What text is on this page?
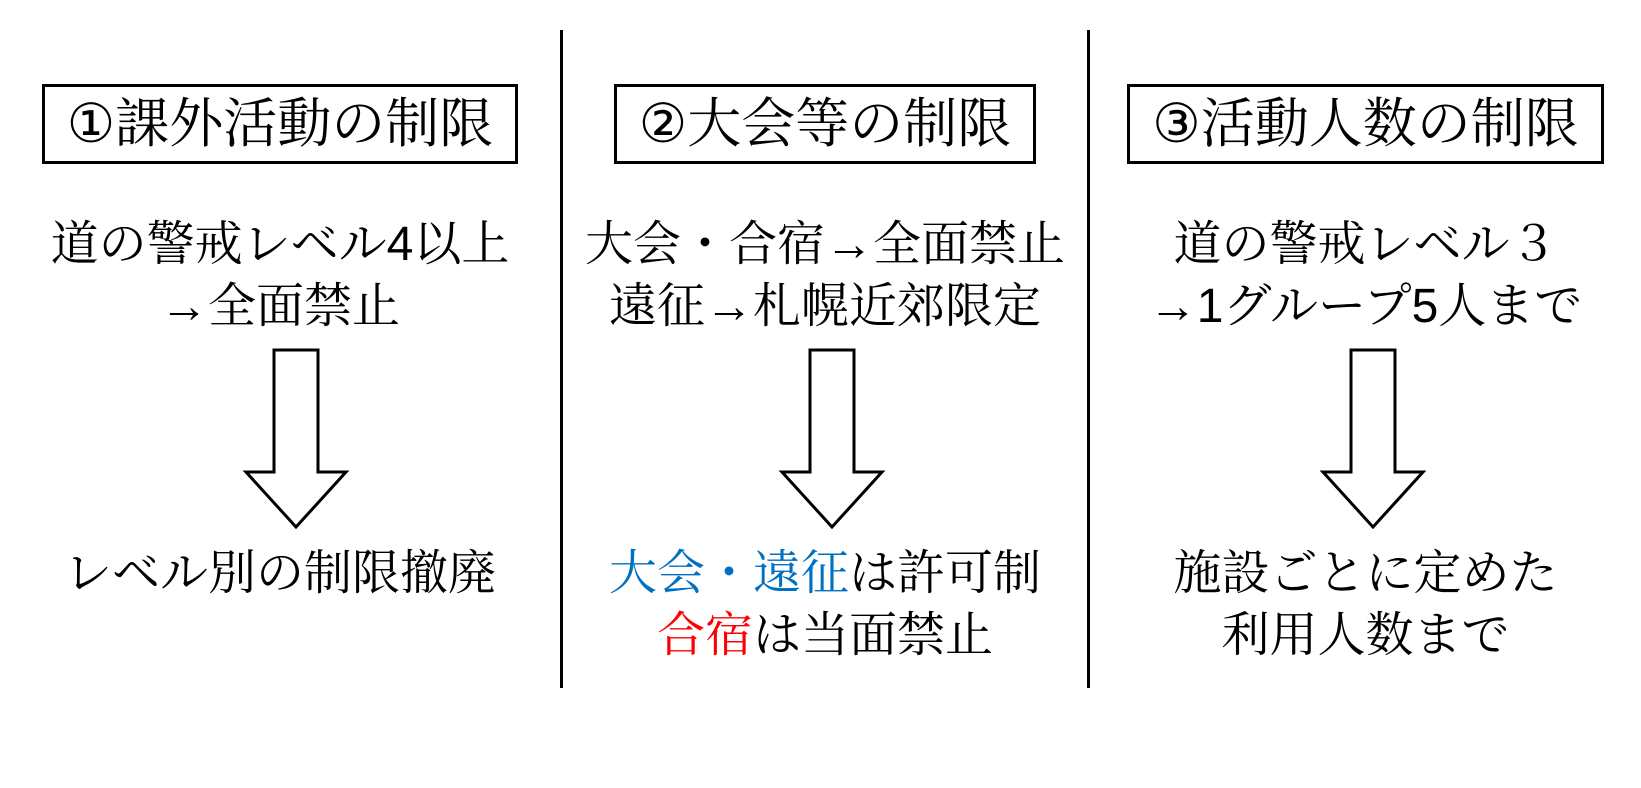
①課外活動の制限
道の警戒レベル4以上
→全面禁止
レベル別の制限撤廃
②大会等の制限
大会・合宿→全面禁止
遠征→札幌近郊限定
大会・遠征は許可制
合宿は当面禁止
③活動人数の制限
道の警戒レベル３
→1グループ5人まで
施設ごとに定めた
利用人数まで
